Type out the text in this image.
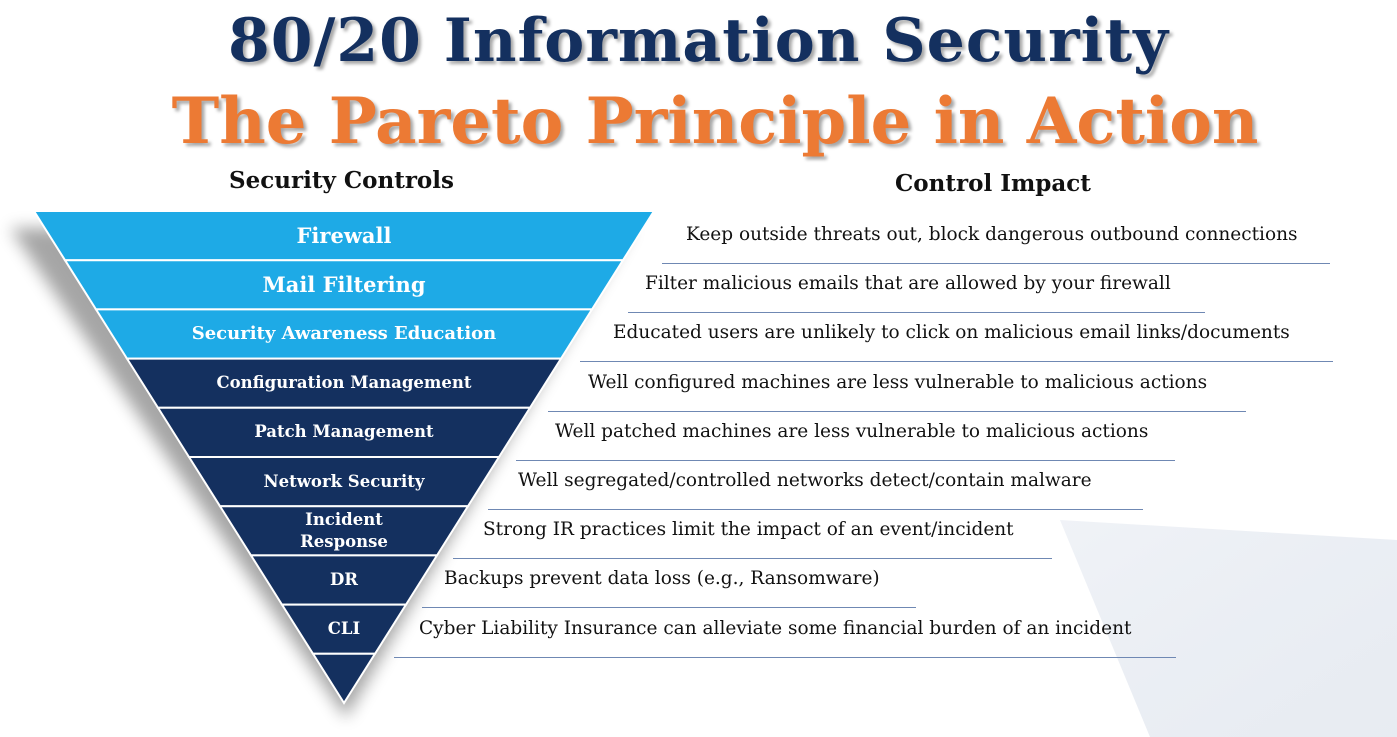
80/20 Information Security
The Pareto Principle in Action
Security Controls	Control Impact
Firewall
Mail Filtering
Security Awareness Education
Configuration Management
Patch Management
Network Security
Incident Response
DR
CLI
Keep outside threats out, block dangerous outbound connections
Filter malicious emails that are allowed by your firewall
Educated users are unlikely to click on malicious email links/documents
Well configured machines are less vulnerable to malicious actions
Well patched machines are less vulnerable to malicious actions
Well segregated/controlled networks detect/contain malware
Strong IR practices limit the impact of an event/incident
Backups prevent data loss (e.g., Ransomware)
Cyber Liability Insurance can alleviate some financial burden of an incident
